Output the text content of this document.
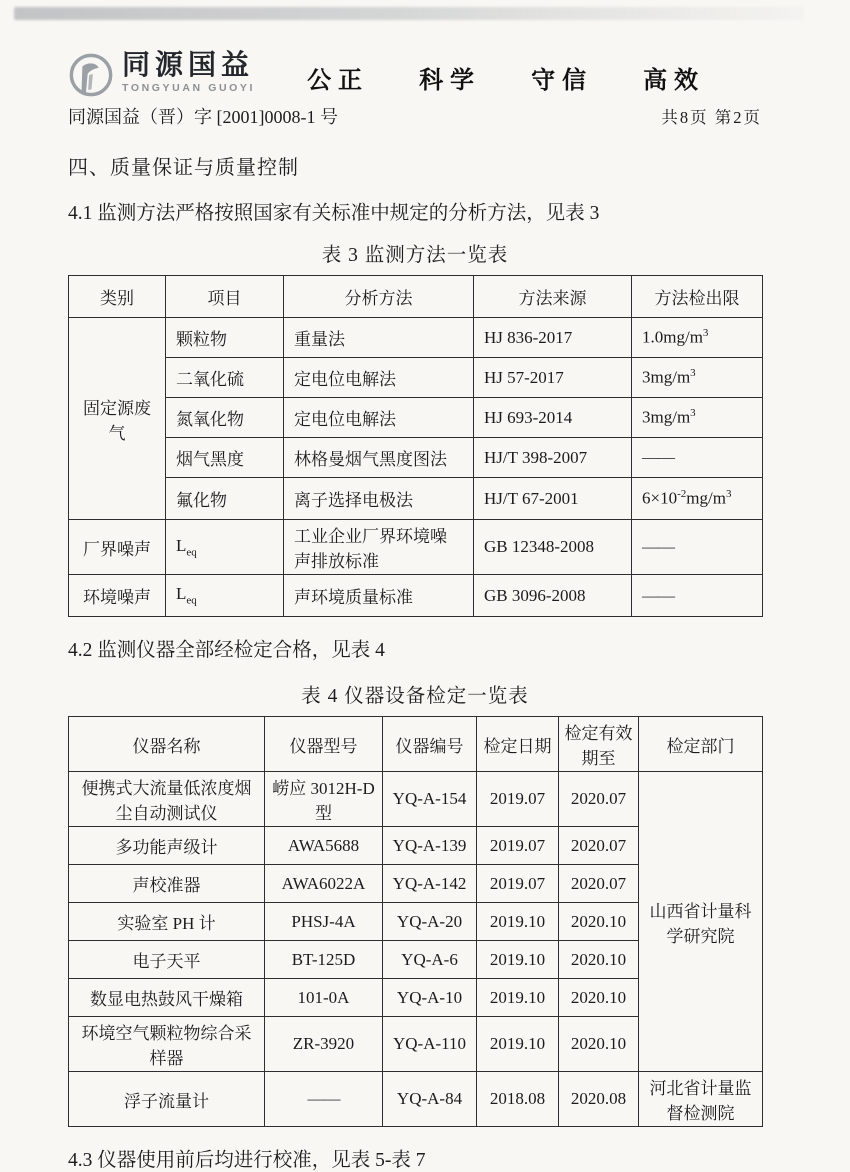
同源国益
TONGYUAN GUOYI 公正 科学 守信 高效
同源国益（晋）字 [2001]0008-1 号	共8页 第2页
四、质量保证与质量控制
4.1 监测方法严格按照国家有关标准中规定的分析方法，见表 3
表 3 监测方法一览表
类别	项目	分析方法	方法来源	方法检出限
固定源废气	颗粒物	重量法	HJ 836-2017	$1.0mg/m^3$
	二氧化硫	定电位电解法	HJ 57-2017	$3mg/m^3$
	氮氧化物	定电位电解法	HJ 693-2014	$3mg/m^3$
	烟气黑度	林格曼烟气黑度图法	HJ/T 398-2007	——
	氟化物	离子选择电极法	HJ/T 67-2001	$6\times 10^{-2}mg/m^3$
厂界噪声	$L_{eq}$	工业企业厂界环境噪声排放标准	GB 12348-2008	——
环境噪声	$L_{eq}$	声环境质量标准	GB 3096-2008	——
4.2 监测仪器全部经检定合格，见表 4
表 4 仪器设备检定一览表
仪器名称	仪器型号	仪器编号	检定日期	检定有效期至	检定部门
便携式大流量低浓度烟尘自动测试仪	崂应 3012H-D 型	YQ-A-154	2019.07	2020.07	山西省计量科学研究院
多功能声级计	AWA5688	YQ-A-139	2019.07	2020.07	
声校准器	AWA6022A	YQ-A-142	2019.07	2020.07	
实验室 PH 计	PHSJ-4A	YQ-A-20	2019.10	2020.10	
电子天平	BT-125D	YQ-A-6	2019.10	2020.10	
数显电热鼓风干燥箱	101-0A	YQ-A-10	2019.10	2020.10	
环境空气颗粒物综合采样器	ZR-3920	YQ-A-110	2019.10	2020.10	
浮子流量计	——	YQ-A-84	2018.08	2020.08	河北省计量监督检测院
4.3 仪器使用前后均进行校准，见表 5-表 7
